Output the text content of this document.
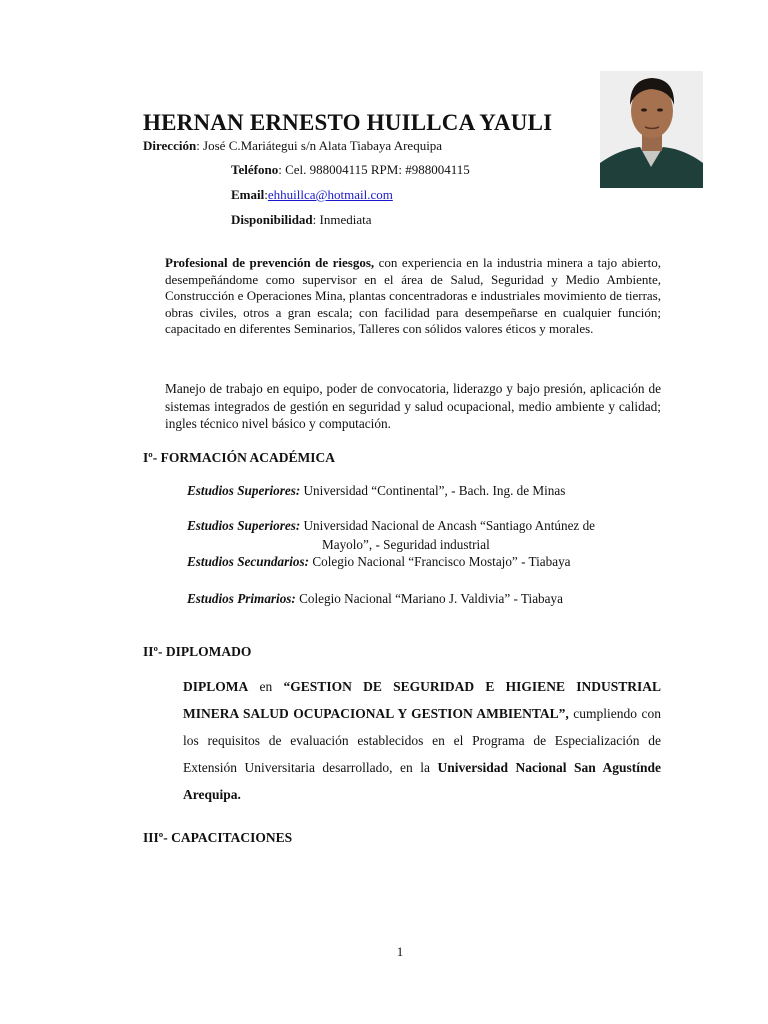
HERNAN ERNESTO HUILLCA YAULI
Dirección: José C.Mariátegui s/n Alata Tiabaya Arequipa
Teléfono: Cel. 988004115 RPM: #988004115
Email:ehhuillca@hotmail.com
Disponibilidad: Inmediata
Profesional de prevención de riesgos, con experiencia en la industria minera a tajo abierto, desempeñándome como supervisor en el área de Salud, Seguridad y Medio Ambiente, Construcción e Operaciones Mina, plantas concentradoras e industriales movimiento de tierras, obras civiles, otros a gran escala; con facilidad para desempeñarse en cualquier función; capacitado en diferentes Seminarios, Talleres con sólidos valores éticos y morales.
Manejo de trabajo en equipo, poder de convocatoria, liderazgo y bajo presión, aplicación de sistemas integrados de gestión en seguridad y salud ocupacional, medio ambiente y calidad; ingles técnico nivel básico y computación.
Iº- FORMACIÓN ACADÉMICA
Estudios Superiores: Universidad “Continental”, - Bach. Ing. de Minas
Estudios Superiores: Universidad Nacional de Ancash “Santiago Antúnez de
Mayolo”, - Seguridad industrial
Estudios Secundarios: Colegio Nacional “Francisco Mostajo” - Tiabaya
Estudios Primarios: Colegio Nacional “Mariano J. Valdivia” - Tiabaya
IIº- DIPLOMADO
DIPLOMA en “GESTION DE SEGURIDAD E HIGIENE INDUSTRIAL MINERA SALUD OCUPACIONAL Y GESTION AMBIENTAL”, cumpliendo con los requisitos de evaluación establecidos en el Programa de Especialización de Extensión Universitaria desarrollado, en la Universidad Nacional San Agustínde Arequipa.
IIIº- CAPACITACIONES
1
